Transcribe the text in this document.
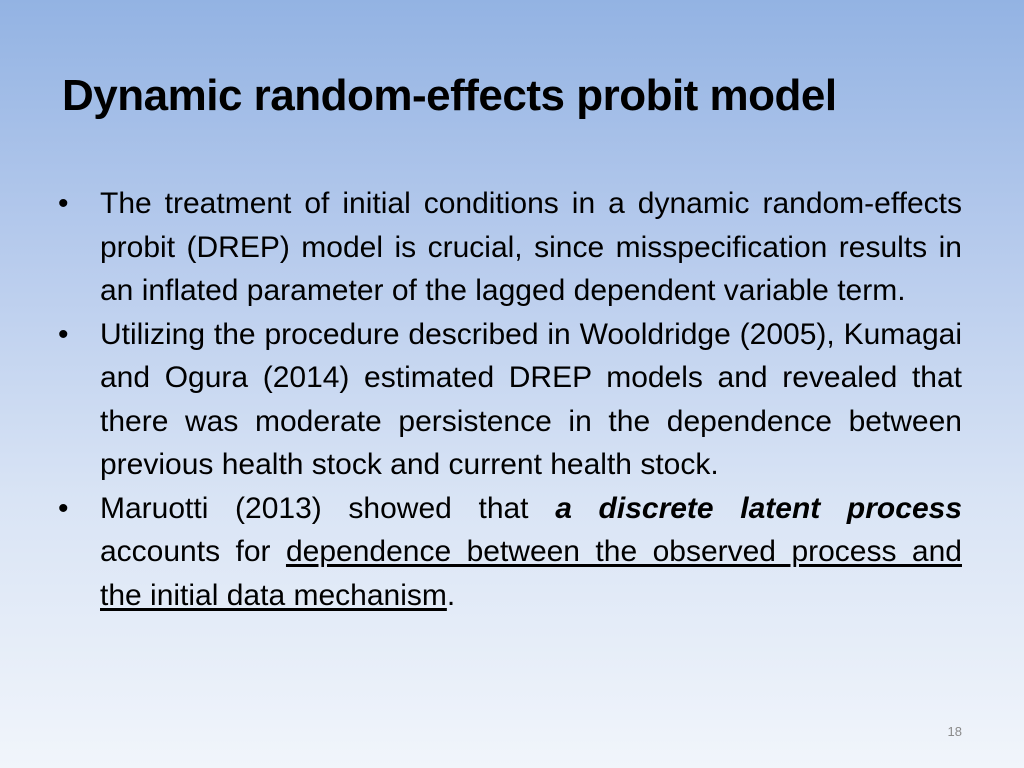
Dynamic random-effects probit model
•	The treatment of initial conditions in a dynamic random-effects probit (DREP) model is crucial, since misspecification results in an inflated parameter of the lagged dependent variable term.
•	Utilizing the procedure described in Wooldridge (2005), Kumagai and Ogura (2014) estimated DREP models and revealed that there was moderate persistence in the dependence between previous health stock and current health stock.
•	Maruotti (2013) showed that a discrete latent process accounts for dependence between the observed process and the initial data mechanism.
18
